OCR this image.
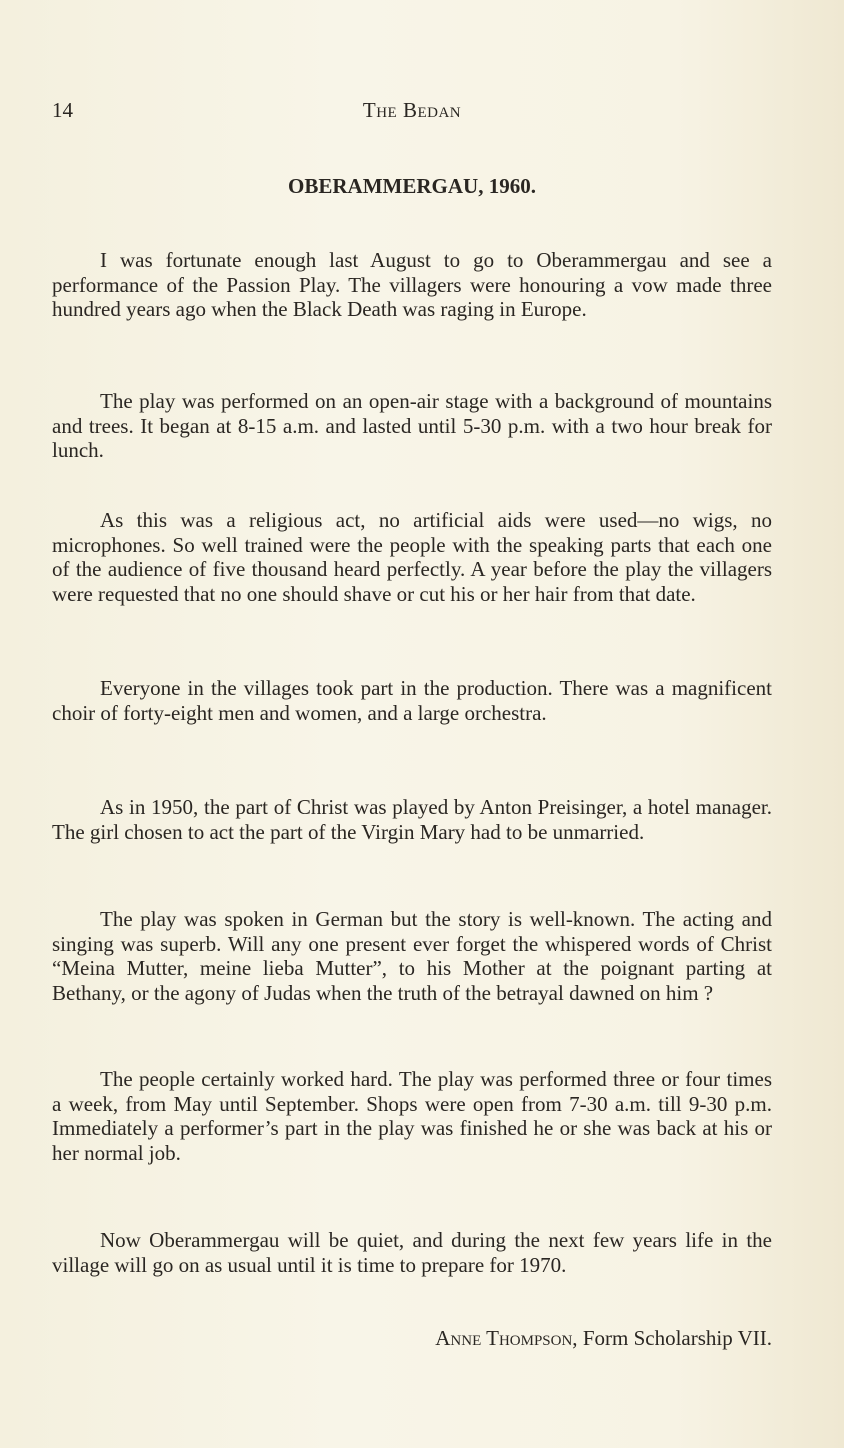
14	The Bedan
OBERAMMERGAU, 1960.

I was fortunate enough last August to go to Oberammergau and see a performance of the Passion Play. The villagers were honouring a vow made three hundred years ago when the Black Death was raging in Europe.

The play was performed on an open-air stage with a background of mountains and trees. It began at 8-15 a.m. and lasted until 5-30 p.m. with a two hour break for lunch.

As this was a religious act, no artificial aids were used—no wigs, no microphones. So well trained were the people with the speaking parts that each one of the audience of five thousand heard perfectly. A year before the play the villagers were requested that no one should shave or cut his or her hair from that date.

Everyone in the villages took part in the production. There was a magnificent choir of forty-eight men and women, and a large orchestra.

As in 1950, the part of Christ was played by Anton Preisinger, a hotel manager. The girl chosen to act the part of the Virgin Mary had to be unmarried.

The play was spoken in German but the story is well-known. The acting and singing was superb. Will any one present ever forget the whispered words of Christ “Meina Mutter, meine lieba Mutter”, to his Mother at the poignant parting at Bethany, or the agony of Judas when the truth of the betrayal dawned on him ?

The people certainly worked hard. The play was performed three or four times a week, from May until September. Shops were open from 7-30 a.m. till 9-30 p.m. Immediately a performer’s part in the play was finished he or she was back at his or her normal job.

Now Oberammergau will be quiet, and during the next few years life in the village will go on as usual until it is time to prepare for 1970.

Anne Thompson, Form Scholarship VII.
